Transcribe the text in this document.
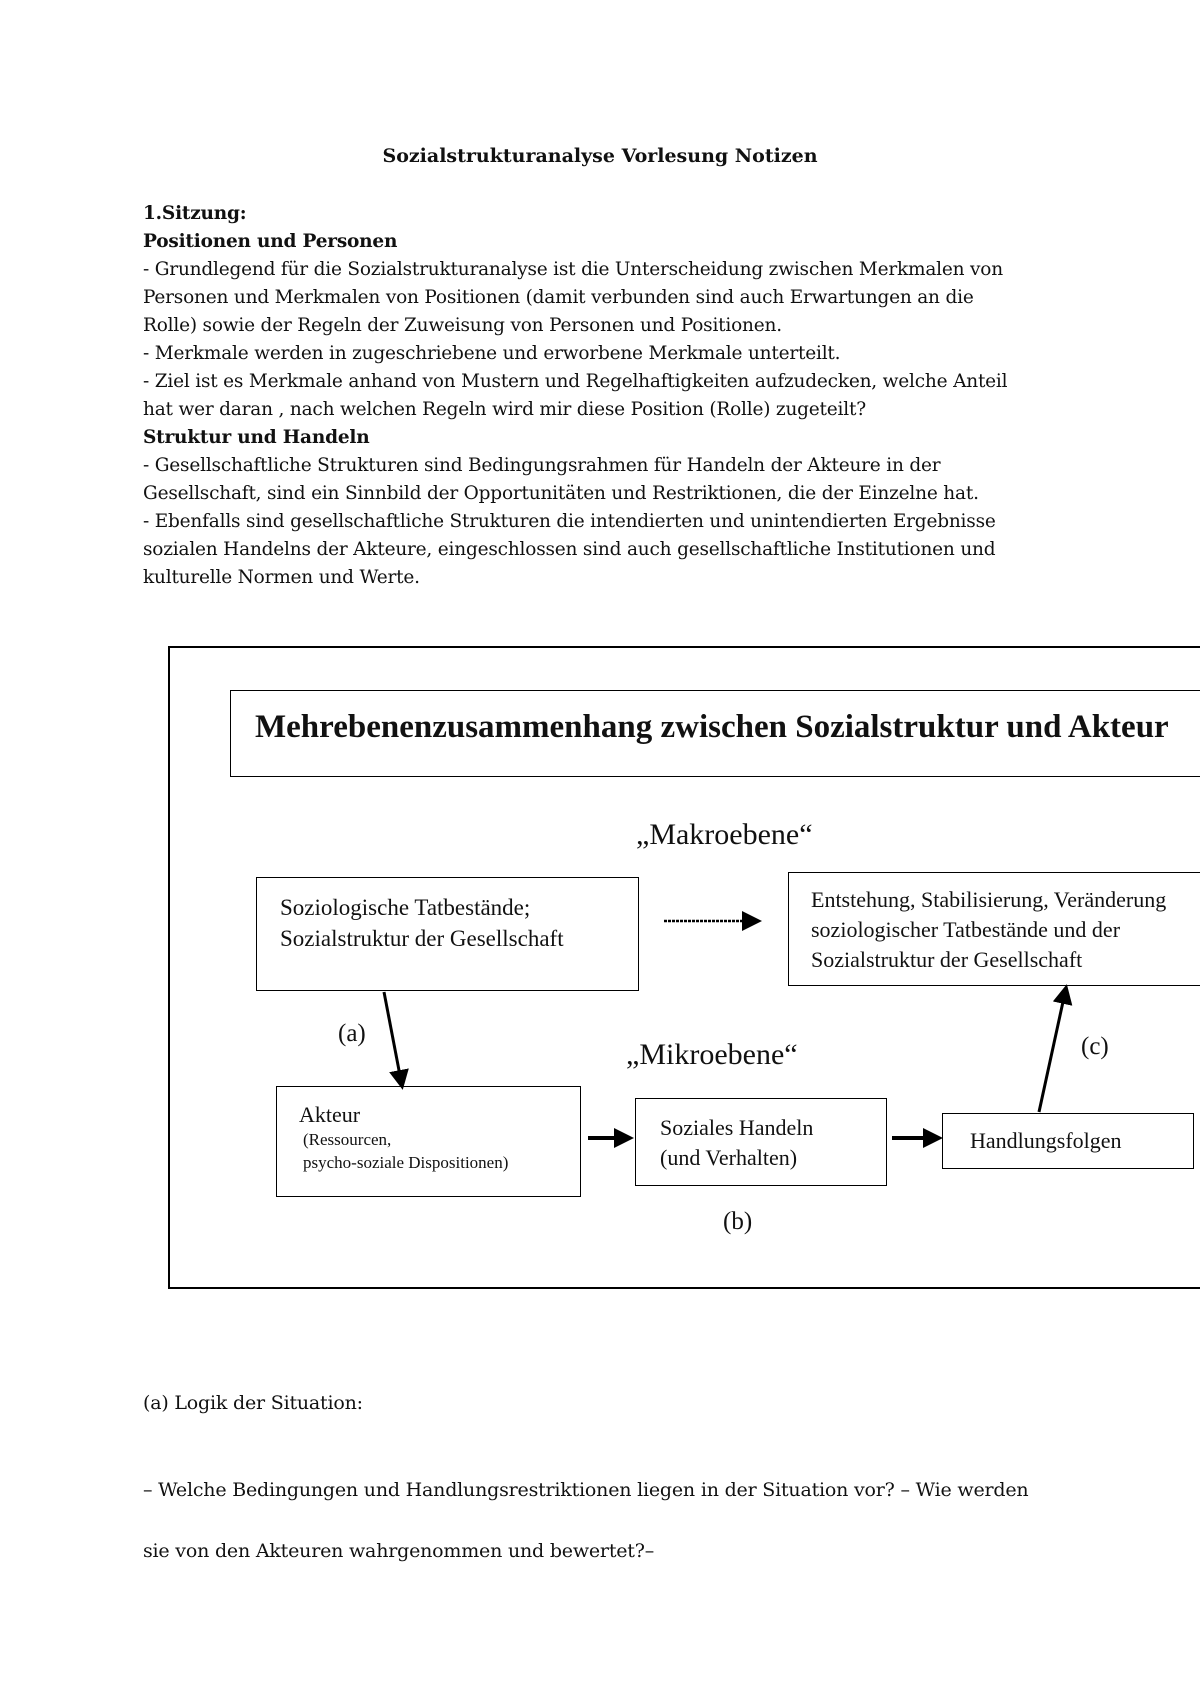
Sozialstrukturanalyse Vorlesung Notizen
1.Sitzung:
Positionen und Personen
- Grundlegend für die Sozialstrukturanalyse ist die Unterscheidung zwischen Merkmalen von
Personen und Merkmalen von Positionen (damit verbunden sind auch Erwartungen an die
Rolle) sowie der Regeln der Zuweisung von Personen und Positionen.
- Merkmale werden in zugeschriebene und erworbene Merkmale unterteilt.
- Ziel ist es Merkmale anhand von Mustern und Regelhaftigkeiten aufzudecken, welche Anteil
hat wer daran , nach welchen Regeln wird mir diese Position (Rolle) zugeteilt?
Struktur und Handeln
- Gesellschaftliche Strukturen sind Bedingungsrahmen für Handeln der Akteure in der
Gesellschaft, sind ein Sinnbild der Opportunitäten und Restriktionen, die der Einzelne hat.
- Ebenfalls sind gesellschaftliche Strukturen die intendierten und unintendierten Ergebnisse
sozialen Handelns der Akteure, eingeschlossen sind auch gesellschaftliche Institutionen und
kulturelle Normen und Werte.
Mehrebenenzusammenhang zwischen Sozialstruktur und Akteur
„Makroebene“
Soziologische Tatbestände;
Sozialstruktur der Gesellschaft
Entstehung, Stabilisierung, Veränderung
soziologischer Tatbestände und der
Sozialstruktur der Gesellschaft
(a)
„Mikroebene“	(c)
Akteur
(Ressourcen,
psycho-soziale Dispositionen)
Soziales Handeln
(und Verhalten)
Handlungsfolgen
(b)
(a) Logik der Situation:
– Welche Bedingungen und Handlungsrestriktionen liegen in der Situation vor? – Wie werden
sie von den Akteuren wahrgenommen und bewertet?–
